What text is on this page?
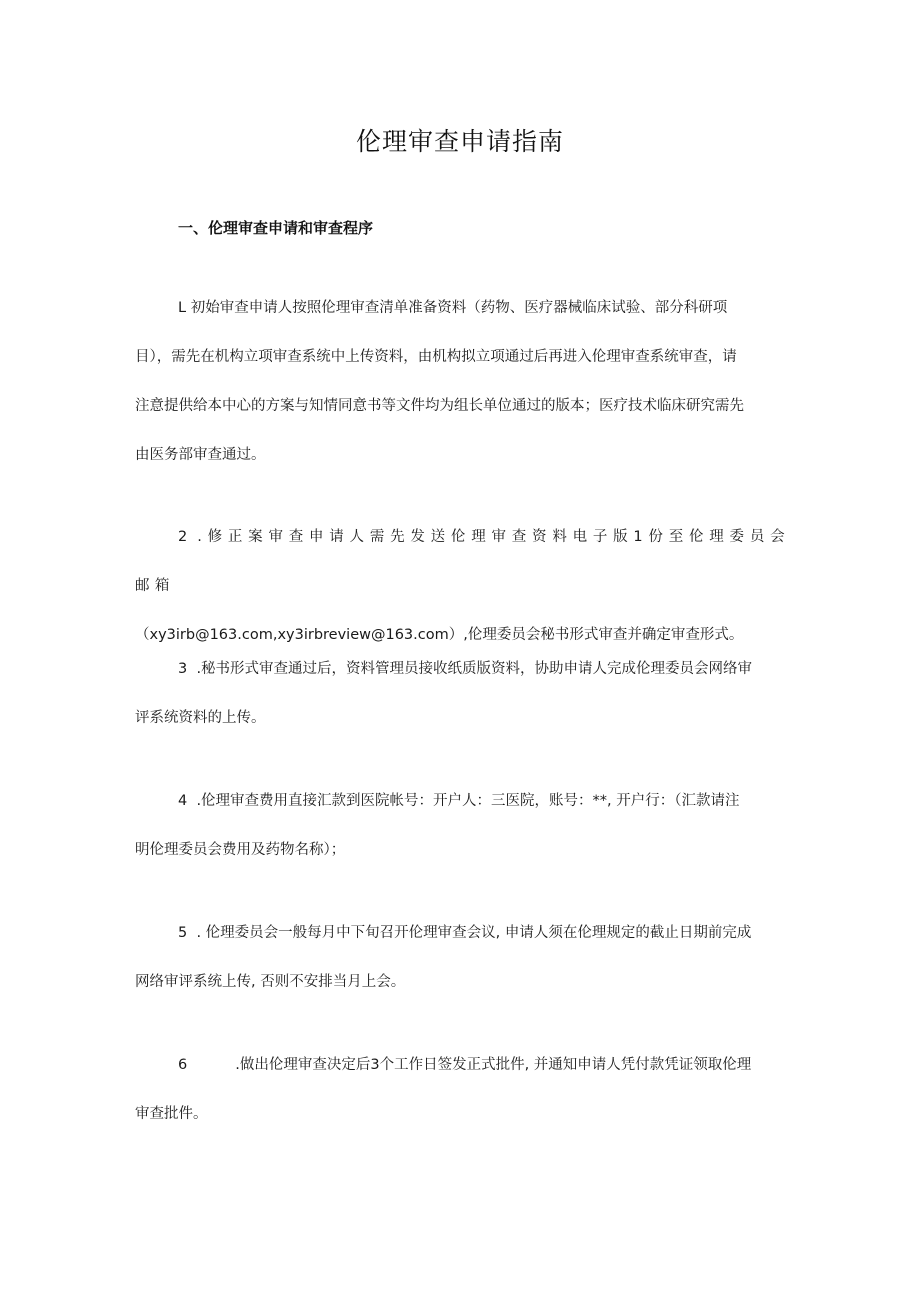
伦理审查申请指南
一、伦理审查申请和审查程序

L 初始审查申请人按照伦理审查清单准备资料（药物、医疗器械临床试验、部分科研项
目），需先在机构立项审查系统中上传资料，由机构拟立项通过后再进入伦理审查系统审查，请
注意提供给本中心的方案与知情同意书等文件均为组长单位通过的版本；医疗技术临床研究需先
由医务部审查通过。

2 .修正案审查申请人需先发送伦理审查资料电子版1份至伦理委员会邮箱
（xy3irb@163.com,xy3irbreview@163.com）,伦理委员会秘书形式审查并确定审查形式。

3 .秘书形式审查通过后，资料管理员接收纸质版资料，协助申请人完成伦理委员会网络审
评系统资料的上传。

4 .伦理审查费用直接汇款到医院帐号：开户人：三医院，账号：**, 开户行：（汇款请注
明伦理委员会费用及药物名称）；

5 . 伦理委员会一般每月中下旬召开伦理审查会议, 申请人须在伦理规定的截止日期前完成
网络审评系统上传, 否则不安排当月上会。

6	.做出伦理审查决定后3个工作日签发正式批件, 并通知申请人凭付款凭证领取伦理
审查批件。
